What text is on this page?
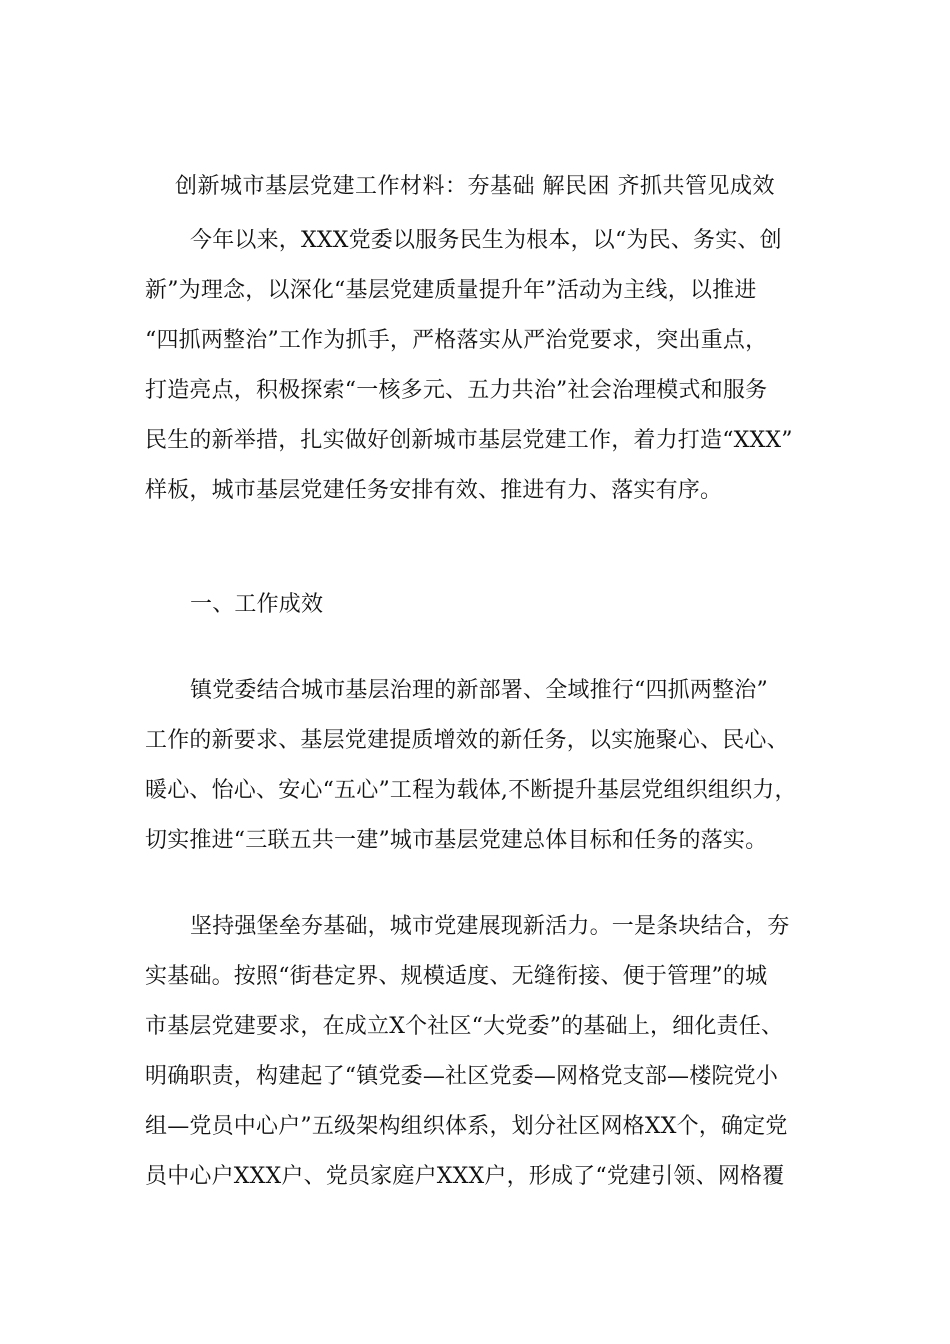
创新城市基层党建工作材料：夯基础 解民困 齐抓共管见成效
今年以来，XXX党委以服务民生为根本，以“为民、务实、创
新”为理念，以深化“基层党建质量提升年”活动为主线，以推进
“四抓两整治”工作为抓手，严格落实从严治党要求，突出重点，
打造亮点，积极探索“一核多元、五力共治”社会治理模式和服务
民生的新举措，扎实做好创新城市基层党建工作，着力打造“XXX”
样板，城市基层党建任务安排有效、推进有力、落实有序。
一、工作成效
镇党委结合城市基层治理的新部署、全域推行“四抓两整治”
工作的新要求、基层党建提质增效的新任务，以实施聚心、民心、
暖心、怡心、安心“五心”工程为载体,不断提升基层党组织组织力，
切实推进“三联五共一建”城市基层党建总体目标和任务的落实。
坚持强堡垒夯基础，城市党建展现新活力。一是条块结合，夯
实基础。按照“街巷定界、规模适度、无缝衔接、便于管理”的城
市基层党建要求，在成立X个社区“大党委”的基础上，细化责任、
明确职责，构建起了“镇党委—社区党委—网格党支部—楼院党小
组—党员中心户”五级架构组织体系，划分社区网格XX个，确定党
员中心户XXX户、党员家庭户XXX户，形成了“党建引领、网格覆
